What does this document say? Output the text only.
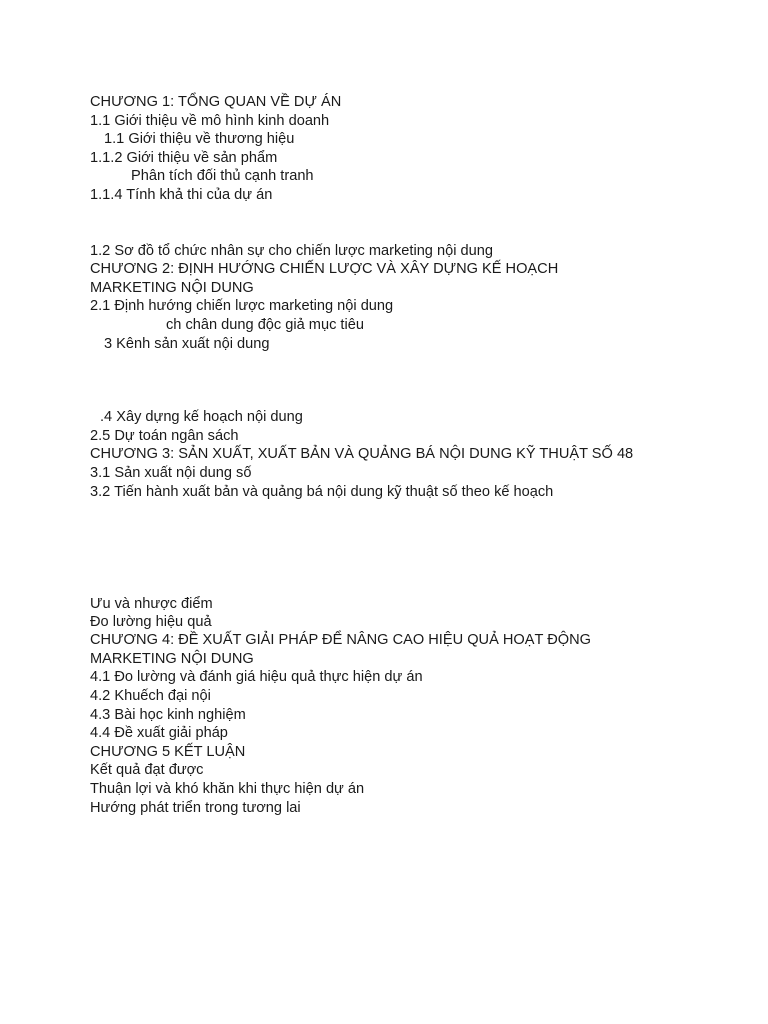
CHƯƠNG 1: TỔNG QUAN VỀ DỰ ÁN
1.1 Giới thiệu về mô hình kinh doanh
1.1 Giới thiệu về thương hiệu
1.1.2 Giới thiệu về sản phẩm
Phân tích đối thủ cạnh tranh
1.1.4 Tính khả thi của dự án
1.2 Sơ đồ tổ chức nhân sự cho chiến lược marketing nội dung
CHƯƠNG 2: ĐỊNH HƯỚNG CHIẾN LƯỢC VÀ XÂY DỰNG KẾ HOẠCH
MARKETING NỘI DUNG
2.1 Định hướng chiến lược marketing nội dung
ch chân dung độc giả mục tiêu
3 Kênh sản xuất nội dung
.4 Xây dựng kế hoạch nội dung
2.5 Dự toán ngân sách
CHƯƠNG 3: SẢN XUẤT, XUẤT BẢN VÀ QUẢNG BÁ NỘI DUNG KỸ THUẬT SỐ 48
3.1 Sản xuất nội dung số
3.2 Tiến hành xuất bản và quảng bá nội dung kỹ thuật số theo kế hoạch
Ưu và nhược điểm
Đo lường hiệu quả
CHƯƠNG 4: ĐỀ XUẤT GIẢI PHÁP ĐỂ NÂNG CAO HIỆU QUẢ HOẠT ĐỘNG
MARKETING NỘI DUNG
4.1 Đo lường và đánh giá hiệu quả thực hiện dự án
4.2 Khuếch đại nội
4.3 Bài học kinh nghiệm
4.4 Đề xuất giải pháp
CHƯƠNG 5 KẾT LUẬN
Kết quả đạt được
Thuận lợi và khó khăn khi thực hiện dự án
Hướng phát triển trong tương lai
